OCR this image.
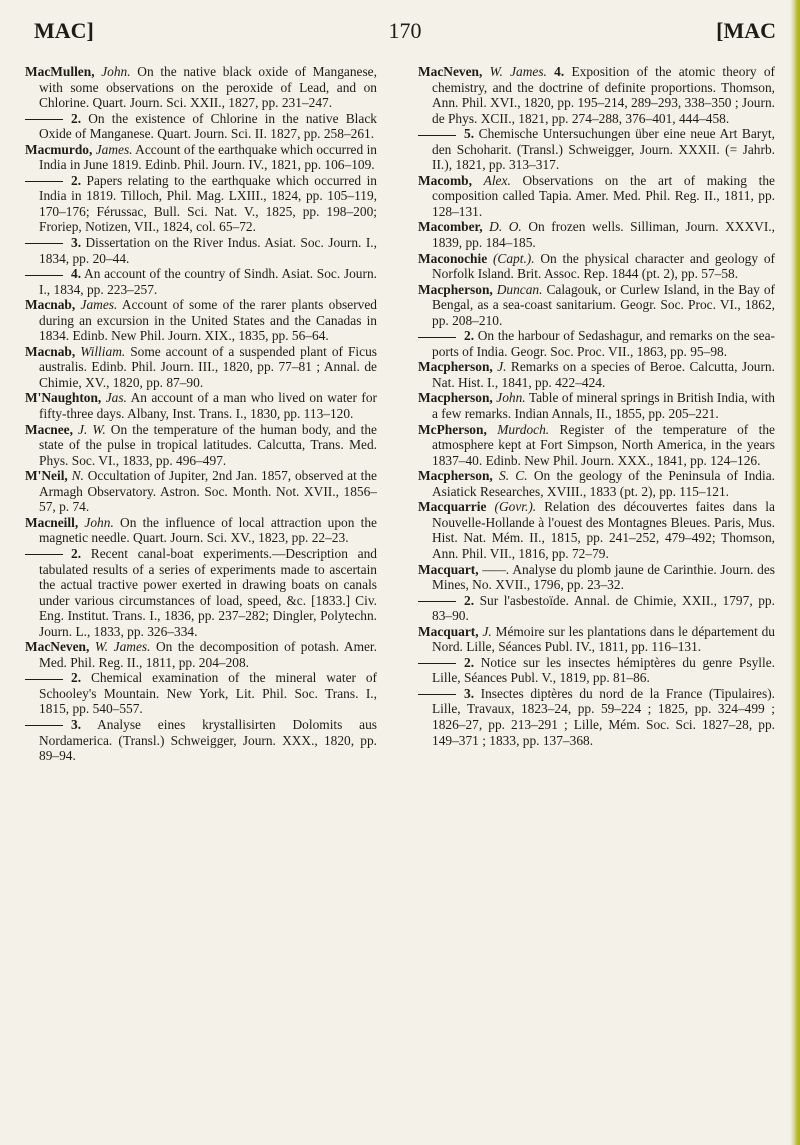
MAC]	170	[MAC
MacMullen, John. On the native black oxide of Manganese, with some observations on the peroxide of Lead, and on Chlorine. Quart. Journ. Sci. XXII., 1827, pp. 231–247.
2. On the existence of Chlorine in the native Black Oxide of Manganese. Quart. Journ. Sci. II. 1827, pp. 258–261.
Macmurdo, James. Account of the earthquake which occurred in India in June 1819. Edinb. Phil. Journ. IV., 1821, pp. 106–109.
2. Papers relating to the earthquake which occurred in India in 1819. Tilloch, Phil. Mag. LXIII., 1824, pp. 105–119, 170–176; Férussac, Bull. Sci. Nat. V., 1825, pp. 198–200; Froriep, Notizen, VII., 1824, col. 65–72.
3. Dissertation on the River Indus. Asiat. Soc. Journ. I., 1834, pp. 20–44.
4. An account of the country of Sindh. Asiat. Soc. Journ. I., 1834, pp. 223–257.
Macnab, James. Account of some of the rarer plants observed during an excursion in the United States and the Canadas in 1834. Edinb. New Phil. Journ. XIX., 1835, pp. 56–64.
Macnab, William. Some account of a suspended plant of Ficus australis. Edinb. Phil. Journ. III., 1820, pp. 77–81 ; Annal. de Chimie, XV., 1820, pp. 87–90.
M'Naughton, Jas. An account of a man who lived on water for fifty-three days. Albany, Inst. Trans. I., 1830, pp. 113–120.
Macnee, J. W. On the temperature of the human body, and the state of the pulse in tropical latitudes. Calcutta, Trans. Med. Phys. Soc. VI., 1833, pp. 496–497.
M'Neil, N. Occultation of Jupiter, 2nd Jan. 1857, observed at the Armagh Observatory. Astron. Soc. Month. Not. XVII., 1856–57, p. 74.
Macneill, John. On the influence of local attraction upon the magnetic needle. Quart. Journ. Sci. XV., 1823, pp. 22–23.
2. Recent canal-boat experiments.—Description and tabulated results of a series of experiments made to ascertain the actual tractive power exerted in drawing boats on canals under various circumstances of load, speed, &c. [1833.] Civ. Eng. Institut. Trans. I., 1836, pp. 237–282; Dingler, Polytechn. Journ. L., 1833, pp. 326–334.
MacNeven, W. James. On the decomposition of potash. Amer. Med. Phil. Reg. II., 1811, pp. 204–208.
2. Chemical examination of the mineral water of Schooley's Mountain. New York, Lit. Phil. Soc. Trans. I., 1815, pp. 540–557.
3. Analyse eines krystallisirten Dolomits aus Nordamerica. (Transl.) Schweigger, Journ. XXX., 1820, pp. 89–94.
MacNeven, W. James. 4. Exposition of the atomic theory of chemistry, and the doctrine of definite proportions. Thomson, Ann. Phil. XVI., 1820, pp. 195–214, 289–293, 338–350 ; Journ. de Phys. XCII., 1821, pp. 274–288, 376–401, 444–458.
5. Chemische Untersuchungen über eine neue Art Baryt, den Schoharit. (Transl.) Schweigger, Journ. XXXII. (= Jahrb. II.), 1821, pp. 313–317.
Macomb, Alex. Observations on the art of making the composition called Tapia. Amer. Med. Phil. Reg. II., 1811, pp. 128–131.
Macomber, D. O. On frozen wells. Silliman, Journ. XXXVI., 1839, pp. 184–185.
Maconochie (Capt.). On the physical character and geology of Norfolk Island. Brit. Assoc. Rep. 1844 (pt. 2), pp. 57–58.
Macpherson, Duncan. Calagouk, or Curlew Island, in the Bay of Bengal, as a sea-coast sanitarium. Geogr. Soc. Proc. VI., 1862, pp. 208–210.
2. On the harbour of Sedashagur, and remarks on the sea-ports of India. Geogr. Soc. Proc. VII., 1863, pp. 95–98.
Macpherson, J. Remarks on a species of Beroe. Calcutta, Journ. Nat. Hist. I., 1841, pp. 422–424.
Macpherson, John. Table of mineral springs in British India, with a few remarks. Indian Annals, II., 1855, pp. 205–221.
McPherson, Murdoch. Register of the temperature of the atmosphere kept at Fort Simpson, North America, in the years 1837–40. Edinb. New Phil. Journ. XXX., 1841, pp. 124–126.
Macpherson, S. C. On the geology of the Peninsula of India. Asiatick Researches, XVIII., 1833 (pt. 2), pp. 115–121.
Macquarrie (Govr.). Relation des découvertes faites dans la Nouvelle-Hollande à l'ouest des Montagnes Bleues. Paris, Mus. Hist. Nat. Mém. II., 1815, pp. 241–252, 479–492; Thomson, Ann. Phil. VII., 1816, pp. 72–79.
Macquart, ——. Analyse du plomb jaune de Carinthie. Journ. des Mines, No. XVII., 1796, pp. 23–32.
2. Sur l'asbestoïde. Annal. de Chimie, XXII., 1797, pp. 83–90.
Macquart, J. Mémoire sur les plantations dans le département du Nord. Lille, Séances Publ. IV., 1811, pp. 116–131.
2. Notice sur les insectes hémiptères du genre Psylle. Lille, Séances Publ. V., 1819, pp. 81–86.
3. Insectes diptères du nord de la France (Tipulaires). Lille, Travaux, 1823–24, pp. 59–224 ; 1825, pp. 324–499 ; 1826–27, pp. 213–291 ; Lille, Mém. Soc. Sci. 1827–28, pp. 149–371 ; 1833, pp. 137–368.
